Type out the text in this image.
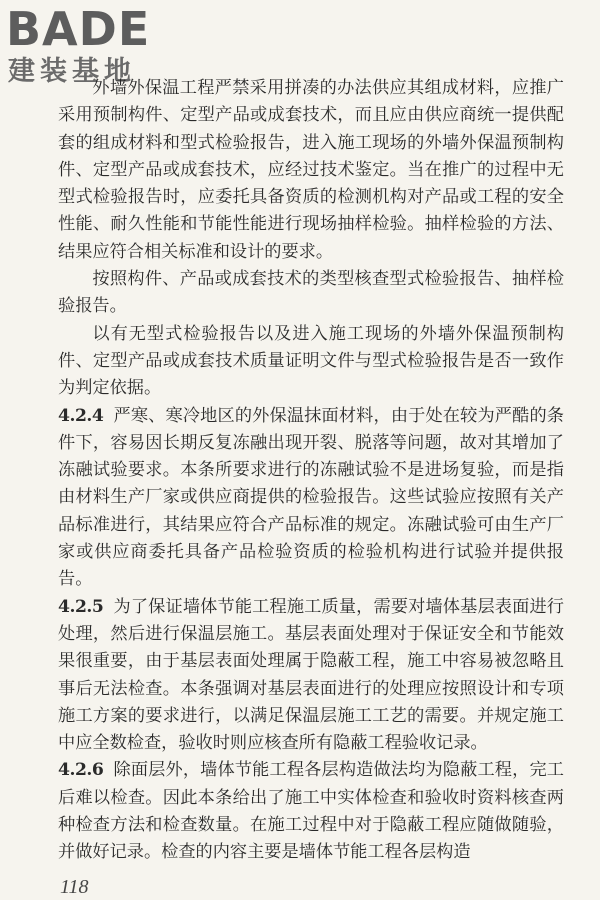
BADE
建装基地

外墙外保温工程严禁采用拼凑的办法供应其组成材料，应推广采用预制构件、定型产品或成套技术，而且应由供应商统一提供配套的组成材料和型式检验报告，进入施工现场的外墙外保温预制构件、定型产品或成套技术，应经过技术鉴定。当在推广的过程中无型式检验报告时，应委托具备资质的检测机构对产品或工程的安全性能、耐久性能和节能性能进行现场抽样检验。抽样检验的方法、结果应符合相关标准和设计的要求。

按照构件、产品或成套技术的类型核查型式检验报告、抽样检验报告。

以有无型式检验报告以及进入施工现场的外墙外保温预制构件、定型产品或成套技术质量证明文件与型式检验报告是否一致作为判定依据。

4.2.4 严寒、寒冷地区的外保温抹面材料，由于处在较为严酷的条件下，容易因长期反复冻融出现开裂、脱落等问题，故对其增加了冻融试验要求。本条所要求进行的冻融试验不是进场复验，而是指由材料生产厂家或供应商提供的检验报告。这些试验应按照有关产品标准进行，其结果应符合产品标准的规定。冻融试验可由生产厂家或供应商委托具备产品检验资质的检验机构进行试验并提供报告。

4.2.5 为了保证墙体节能工程施工质量，需要对墙体基层表面进行处理，然后进行保温层施工。基层表面处理对于保证安全和节能效果很重要，由于基层表面处理属于隐蔽工程，施工中容易被忽略且事后无法检查。本条强调对基层表面进行的处理应按照设计和专项施工方案的要求进行，以满足保温层施工工艺的需要。并规定施工中应全数检查，验收时则应核查所有隐蔽工程验收记录。

4.2.6 除面层外，墙体节能工程各层构造做法均为隐蔽工程，完工后难以检查。因此本条给出了施工中实体检查和验收时资料核查两种检查方法和检查数量。在施工过程中对于隐蔽工程应随做随验，并做好记录。检查的内容主要是墙体节能工程各层构造

118
